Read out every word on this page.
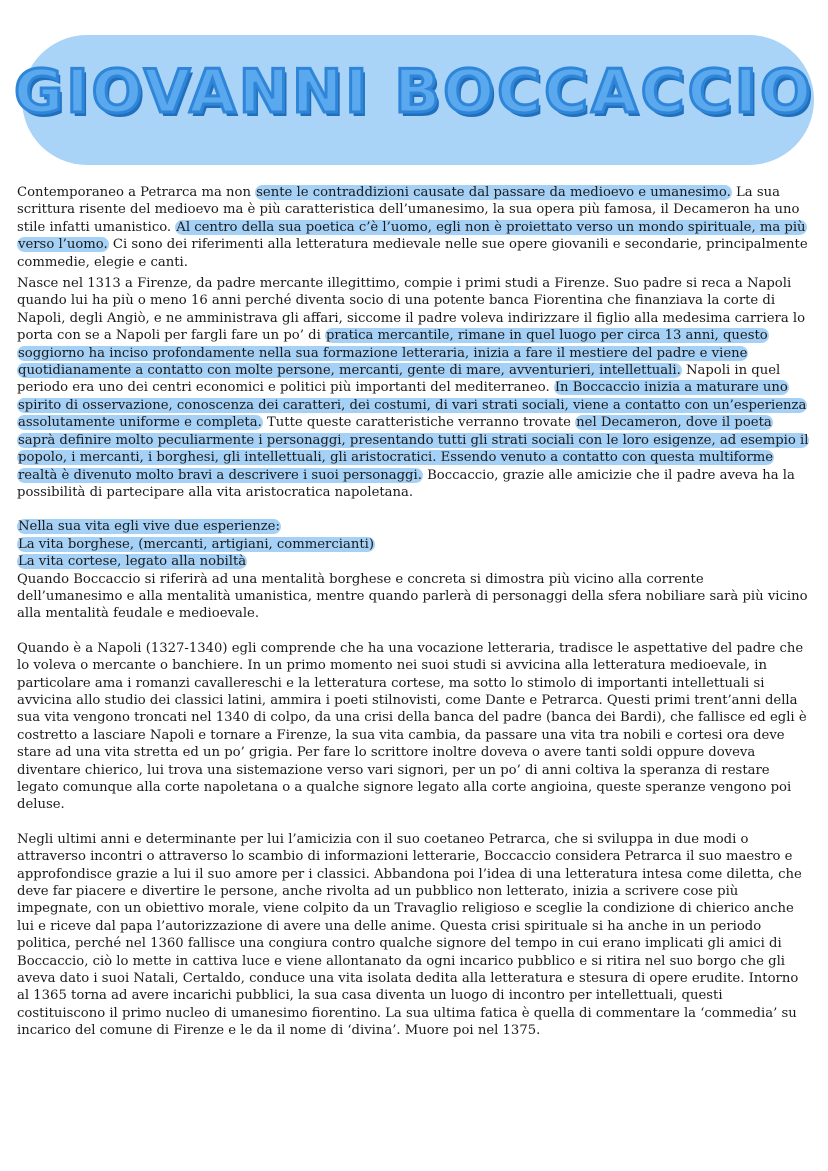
GIOVANNI BOCCACCIO

Contemporaneo a Petrarca ma non sente le contraddizioni causate dal passare da medioevo e umanesimo. La sua scrittura risente del medioevo ma è più caratteristica dell’umanesimo, la sua opera più famosa, il Decameron ha uno stile infatti umanistico. Al centro della sua poetica c’è l’uomo, egli non è proiettato verso un mondo spirituale, ma più verso l’uomo. Ci sono dei riferimenti alla letteratura medievale nelle sue opere giovanili e secondarie, principalmente commedie, elegie e canti.

Nasce nel 1313 a Firenze, da padre mercante illegittimo, compie i primi studi a Firenze. Suo padre si reca a Napoli quando lui ha più o meno 16 anni perché diventa socio di una potente banca Fiorentina che finanziava la corte di Napoli, degli Angiò, e ne amministrava gli affari, siccome il padre voleva indirizzare il figlio alla medesima carriera lo porta con se a Napoli per fargli fare un po’ di pratica mercantile, rimane in quel luogo per circa 13 anni, questo soggiorno ha inciso profondamente nella sua formazione letteraria, inizia a fare il mestiere del padre e viene quotidianamente a contatto con molte persone, mercanti, gente di mare, avventurieri, intellettuali. Napoli in quel periodo era uno dei centri economici e politici più importanti del mediterraneo. In Boccaccio inizia a maturare uno spirito di osservazione, conoscenza dei caratteri, dei costumi, di vari strati sociali, viene a contatto con un’esperienza assolutamente uniforme e completa. Tutte queste caratteristiche verranno trovate nel Decameron, dove il poeta saprà definire molto peculiarmente i personaggi, presentando tutti gli strati sociali con le loro esigenze, ad esempio il popolo, i mercanti, i borghesi, gli intellettuali, gli aristocratici. Essendo venuto a contatto con questa multiforme realtà è divenuto molto bravi a descrivere i suoi personaggi. Boccaccio, grazie alle amicizie che il padre aveva ha la possibilità di partecipare alla vita aristocratica napoletana.

Nella sua vita egli vive due esperienze:

La vita borghese, (mercanti, artigiani, commercianti)

La vita cortese, legato alla nobiltà

Quando Boccaccio si riferirà ad una mentalità borghese e concreta si dimostra più vicino alla corrente dell’umanesimo e alla mentalità umanistica, mentre quando parlerà di personaggi della sfera nobiliare sarà più vicino alla mentalità feudale e medioevale.

Quando è a Napoli (1327-1340) egli comprende che ha una vocazione letteraria, tradisce le aspettative del padre che lo voleva o mercante o banchiere. In un primo momento nei suoi studi si avvicina alla letteratura medioevale, in particolare ama i romanzi cavallereschi e la letteratura cortese, ma sotto lo stimolo di importanti intellettuali si avvicina allo studio dei classici latini, ammira i poeti stilnovisti, come Dante e Petrarca. Questi primi trent’anni della sua vita vengono troncati nel 1340 di colpo, da una crisi della banca del padre (banca dei Bardi), che fallisce ed egli è costretto a lasciare Napoli e tornare a Firenze, la sua vita cambia, da passare una vita tra nobili e cortesi ora deve stare ad una vita stretta ed un po’ grigia. Per fare lo scrittore inoltre doveva o avere tanti soldi oppure doveva diventare chierico, lui trova una sistemazione verso vari signori, per un po’ di anni coltiva la speranza di restare legato comunque alla corte napoletana o a qualche signore legato alla corte angioina, queste speranze vengono poi deluse.

Negli ultimi anni e determinante per lui l’amicizia con il suo coetaneo Petrarca, che si sviluppa in due modi o attraverso incontri o attraverso lo scambio di informazioni letterarie, Boccaccio considera Petrarca il suo maestro e approfondisce grazie a lui il suo amore per i classici. Abbandona poi l’idea di una letteratura intesa come diletta, che deve far piacere e divertire le persone, anche rivolta ad un pubblico non letterato, inizia a scrivere cose più impegnate, con un obiettivo morale, viene colpito da un Travaglio religioso e sceglie la condizione di chierico anche lui e riceve dal papa l’autorizzazione di avere una delle anime. Questa crisi spirituale si ha anche in un periodo politica, perché nel 1360 fallisce una congiura contro qualche signore del tempo in cui erano implicati gli amici di Boccaccio, ciò lo mette in cattiva luce e viene allontanato da ogni incarico pubblico e si ritira nel suo borgo che gli aveva dato i suoi Natali, Certaldo, conduce una vita isolata dedita alla letteratura e stesura di opere erudite. Intorno al 1365 torna ad avere incarichi pubblici, la sua casa diventa un luogo di incontro per intellettuali, questi costituiscono il primo nucleo di umanesimo fiorentino. La sua ultima fatica è quella di commentare la ‘commedia’ su incarico del comune di Firenze e le da il nome di ‘divina’. Muore poi nel 1375.
